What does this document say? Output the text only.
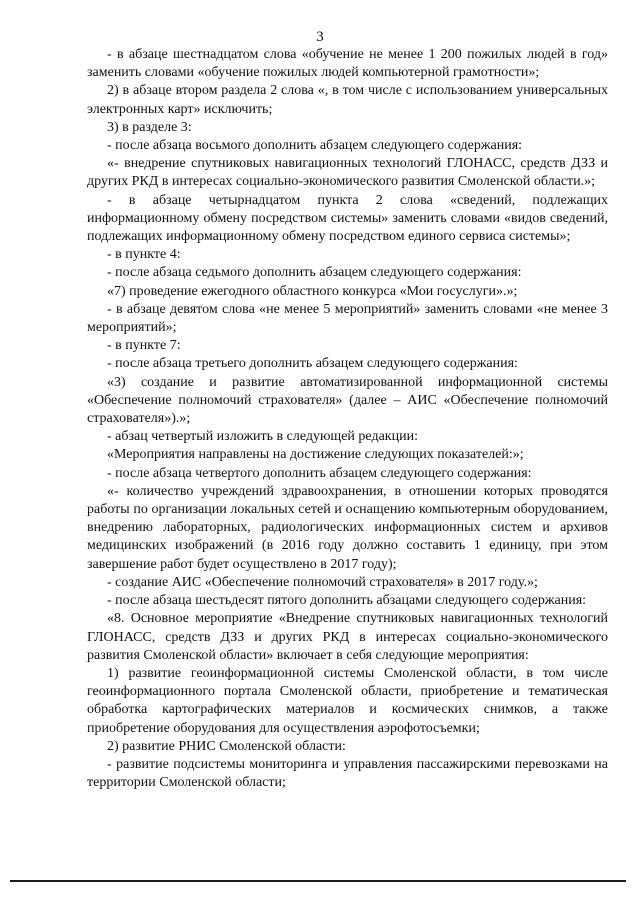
3

- в абзаце шестнадцатом слова «обучение не менее 1 200 пожилых людей в год» заменить словами «обучение пожилых людей компьютерной грамотности»;

2) в абзаце втором раздела 2 слова «, в том числе с использованием универсальных электронных карт» исключить;

3) в разделе 3:

- после абзаца восьмого дополнить абзацем следующего содержания:

«- внедрение спутниковых навигационных технологий ГЛОНАСС, средств ДЗЗ и других РКД в интересах социально-экономического развития Смоленской области.»;

- в абзаце четырнадцатом пункта 2 слова «сведений, подлежащих информационному обмену посредством системы» заменить словами «видов сведений, подлежащих информационному обмену посредством единого сервиса системы»;

- в пункте 4:

- после абзаца седьмого дополнить абзацем следующего содержания:

«7) проведение ежегодного областного конкурса «Мои госуслуги».»;

- в абзаце девятом слова «не менее 5 мероприятий» заменить словами «не менее 3 мероприятий»;

- в пункте 7:

- после абзаца третьего дополнить абзацем следующего содержания:

«3) создание и развитие автоматизированной информационной системы «Обеспечение полномочий страхователя» (далее – АИС «Обеспечение полномочий страхователя»).»;

- абзац четвертый изложить в следующей редакции:

«Мероприятия направлены на достижение следующих показателей:»;

- после абзаца четвертого дополнить абзацем следующего содержания:

«- количество учреждений здравоохранения, в отношении которых проводятся работы по организации локальных сетей и оснащению компьютерным оборудованием, внедрению лабораторных, радиологических информационных систем и архивов медицинских изображений (в 2016 году должно составить 1 единицу, при этом завершение работ будет осуществлено в 2017 году);

- создание АИС «Обеспечение полномочий страхователя» в 2017 году.»;

- после абзаца шестьдесят пятого дополнить абзацами следующего содержания:

«8. Основное мероприятие «Внедрение спутниковых навигационных технологий ГЛОНАСС, средств ДЗЗ и других РКД в интересах социально-экономического развития Смоленской области» включает в себя следующие мероприятия:

1) развитие геоинформационной системы Смоленской области, в том числе геоинформационного портала Смоленской области, приобретение и тематическая обработка картографических материалов и космических снимков, а также приобретение оборудования для осуществления аэрофотосъемки;

2) развитие РНИС Смоленской области:

- развитие подсистемы мониторинга и управления пассажирскими перевозками на территории Смоленской области;
